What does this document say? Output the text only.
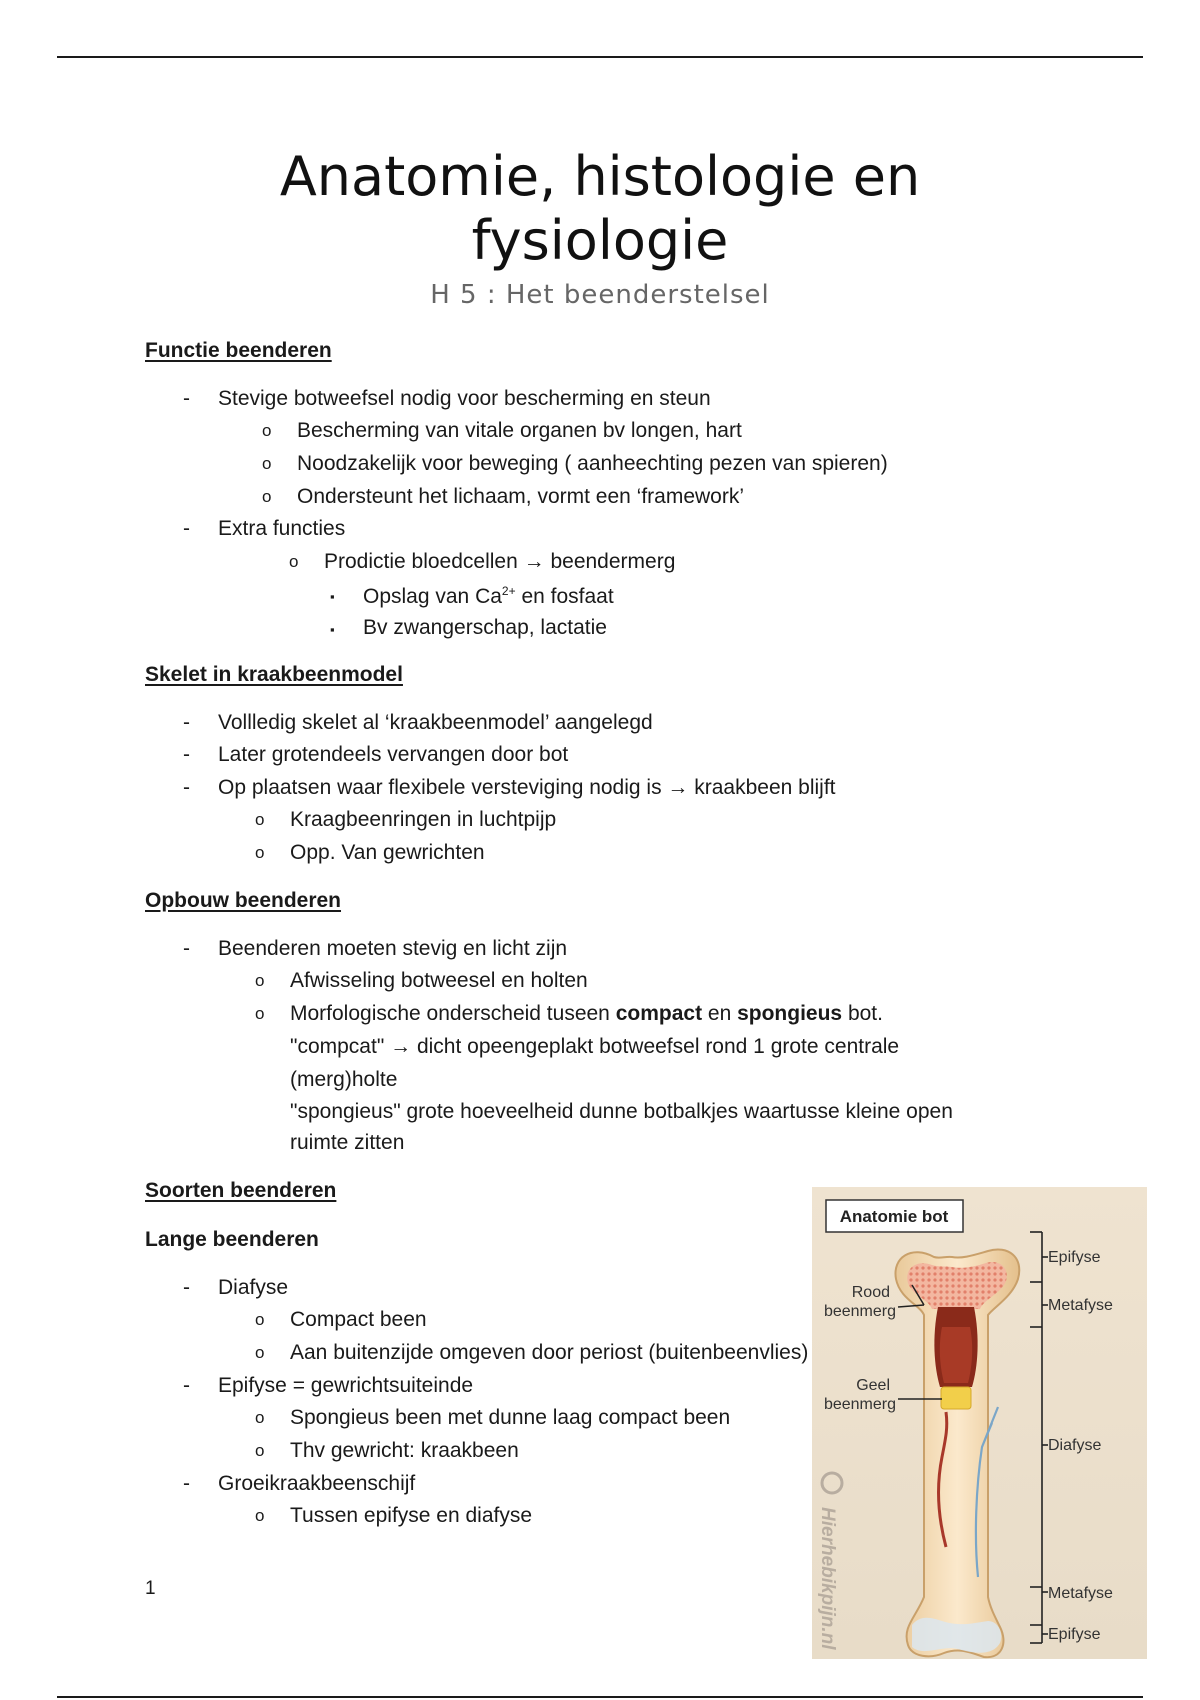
Anatomie, histologie en
fysiologie
H 5 : Het beenderstelsel
Functie beenderen
- Stevige botweefsel nodig voor bescherming en steun
o Bescherming van vitale organen bv longen, hart
o Noodzakelijk voor beweging ( aanheechting pezen van spieren)
o Ondersteunt het lichaam, vormt een ‘framework’
- Extra functies
o Prodictie bloedcellen → beendermerg
▪ Opslag van $Ca^{2+}$ en fosfaat
▪ Bv zwangerschap, lactatie
Skelet in kraakbeenmodel
- Vollledig skelet al ‘kraakbeenmodel’ aangelegd
- Later grotendeels vervangen door bot
- Op plaatsen waar flexibele versteviging nodig is → kraakbeen blijft
o Kraagbeenringen in luchtpijp
o Opp. Van gewrichten
Opbouw beenderen
- Beenderen moeten stevig en licht zijn
o Afwisseling botweesel en holten
o Morfologische onderscheid tuseen compact en spongieus bot.
"compcat" → dicht opeengeplakt botweefsel rond 1 grote centrale
(merg)holte
"spongieus" grote hoeveelheid dunne botbalkjes waartusse kleine open
ruimte zitten
Soorten beenderen
Lange beenderen
- Diafyse
o Compact been
o Aan buitenzijde omgeven door periost (buitenbeenvlies)
- Epifyse = gewrichtsuiteinde
o Spongieus been met dunne laag compact been
o Thv gewricht: kraakbeen
- Groeikraakbeenschijf
o Tussen epifyse en diafyse
1
Anatomie bot
Rood
beenmerg
Geel
beenmerg
Hierhebikpijn.nl
Epifyse
Metafyse
Diafyse
Metafyse
Epifyse
